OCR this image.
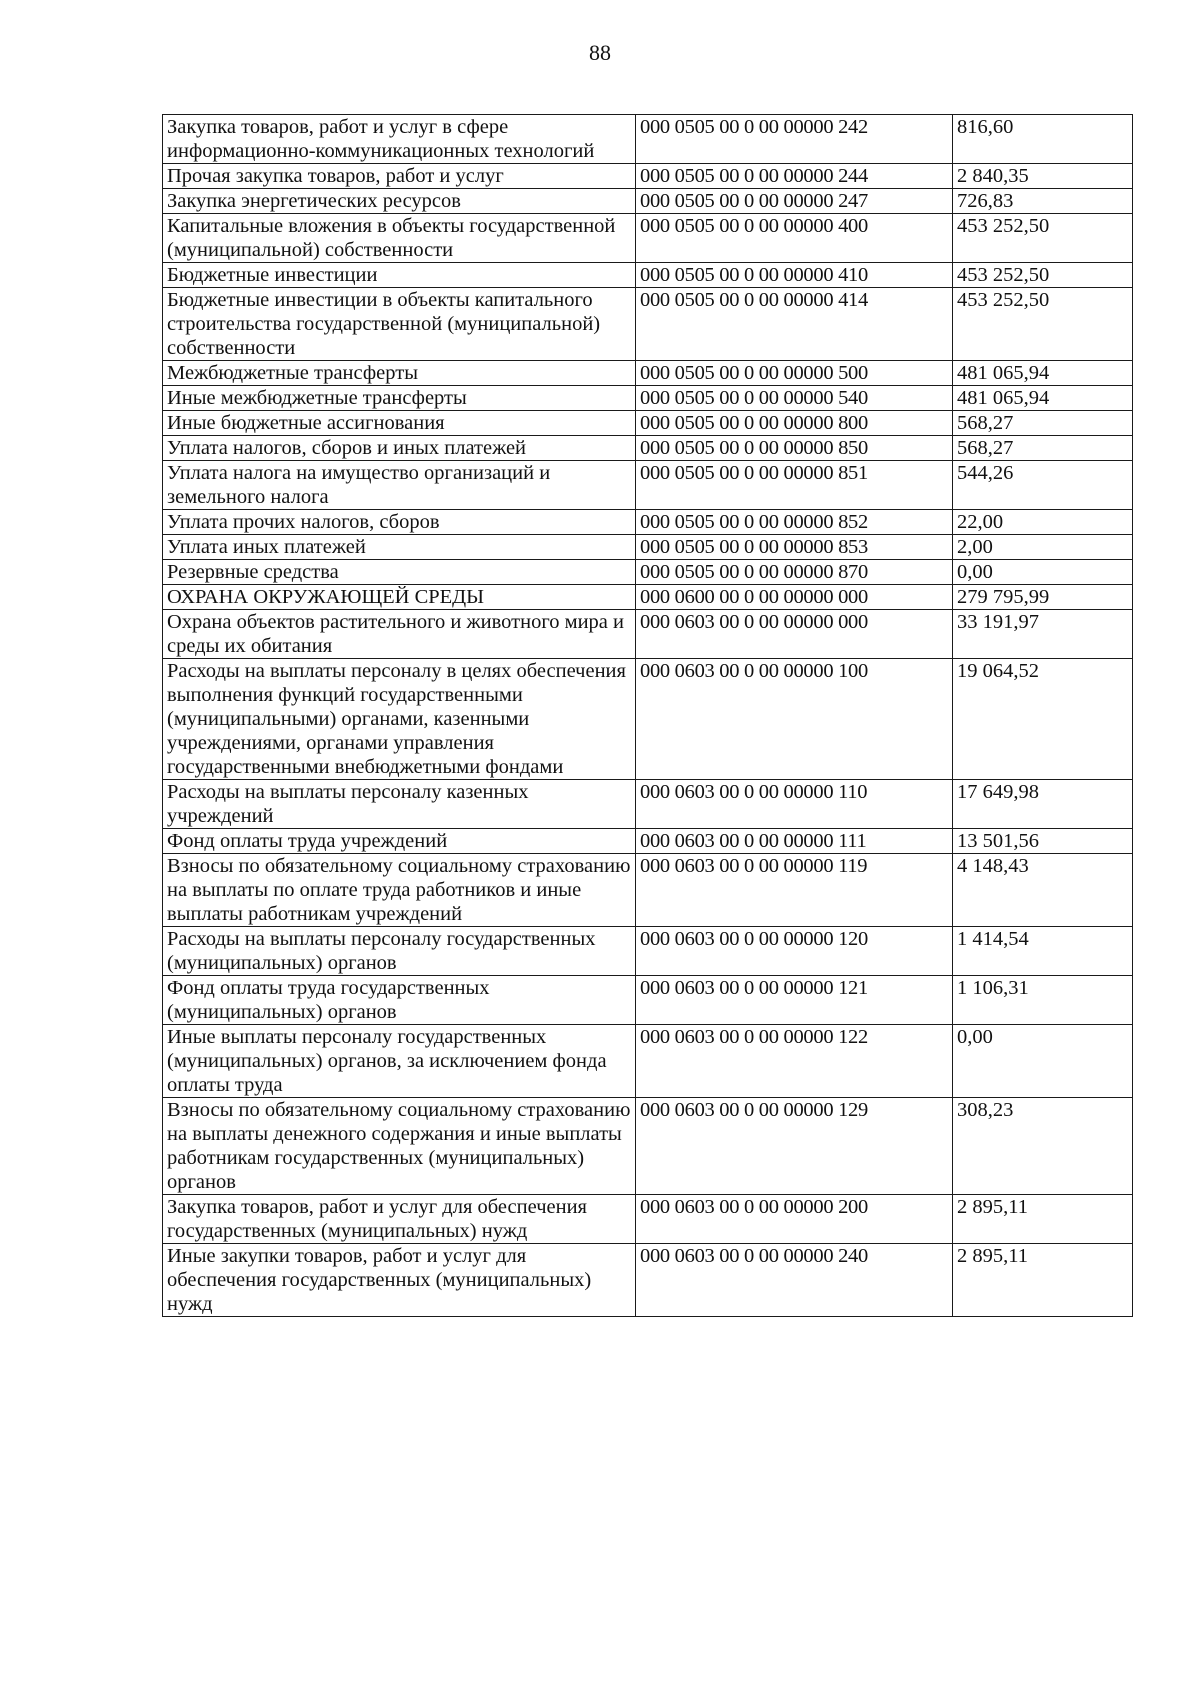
88
Закупка товаров, работ и услуг в сфере информационно-коммуникационных технологий	000 0505 00 0 00 00000 242	816,60
Прочая закупка товаров, работ и услуг	000 0505 00 0 00 00000 244	2 840,35
Закупка энергетических ресурсов	000 0505 00 0 00 00000 247	726,83
Капитальные вложения в объекты государственной (муниципальной) собственности	000 0505 00 0 00 00000 400	453 252,50
Бюджетные инвестиции	000 0505 00 0 00 00000 410	453 252,50
Бюджетные инвестиции в объекты капитального строительства государственной (муниципальной) собственности	000 0505 00 0 00 00000 414	453 252,50
Межбюджетные трансферты	000 0505 00 0 00 00000 500	481 065,94
Иные межбюджетные трансферты	000 0505 00 0 00 00000 540	481 065,94
Иные бюджетные ассигнования	000 0505 00 0 00 00000 800	568,27
Уплата налогов, сборов и иных платежей	000 0505 00 0 00 00000 850	568,27
Уплата налога на имущество организаций и земельного налога	000 0505 00 0 00 00000 851	544,26
Уплата прочих налогов, сборов	000 0505 00 0 00 00000 852	22,00
Уплата иных платежей	000 0505 00 0 00 00000 853	2,00
Резервные средства	000 0505 00 0 00 00000 870	0,00
ОХРАНА ОКРУЖАЮЩЕЙ СРЕДЫ	000 0600 00 0 00 00000 000	279 795,99
Охрана объектов растительного и животного мира и среды их обитания	000 0603 00 0 00 00000 000	33 191,97
Расходы на выплаты персоналу в целях обеспечения выполнения функций государственными (муниципальными) органами, казенными учреждениями, органами управления государственными внебюджетными фондами	000 0603 00 0 00 00000 100	19 064,52
Расходы на выплаты персоналу казенных учреждений	000 0603 00 0 00 00000 110	17 649,98
Фонд оплаты труда учреждений	000 0603 00 0 00 00000 111	13 501,56
Взносы по обязательному социальному страхованию на выплаты по оплате труда работников и иные выплаты работникам учреждений	000 0603 00 0 00 00000 119	4 148,43
Расходы на выплаты персоналу государственных (муниципальных) органов	000 0603 00 0 00 00000 120	1 414,54
Фонд оплаты труда государственных (муниципальных) органов	000 0603 00 0 00 00000 121	1 106,31
Иные выплаты персоналу государственных (муниципальных) органов, за исключением фонда оплаты труда	000 0603 00 0 00 00000 122	0,00
Взносы по обязательному социальному страхованию на выплаты денежного содержания и иные выплаты работникам государственных (муниципальных) органов	000 0603 00 0 00 00000 129	308,23
Закупка товаров, работ и услуг для обеспечения государственных (муниципальных) нужд	000 0603 00 0 00 00000 200	2 895,11
Иные закупки товаров, работ и услуг для обеспечения государственных (муниципальных) нужд	000 0603 00 0 00 00000 240	2 895,11
